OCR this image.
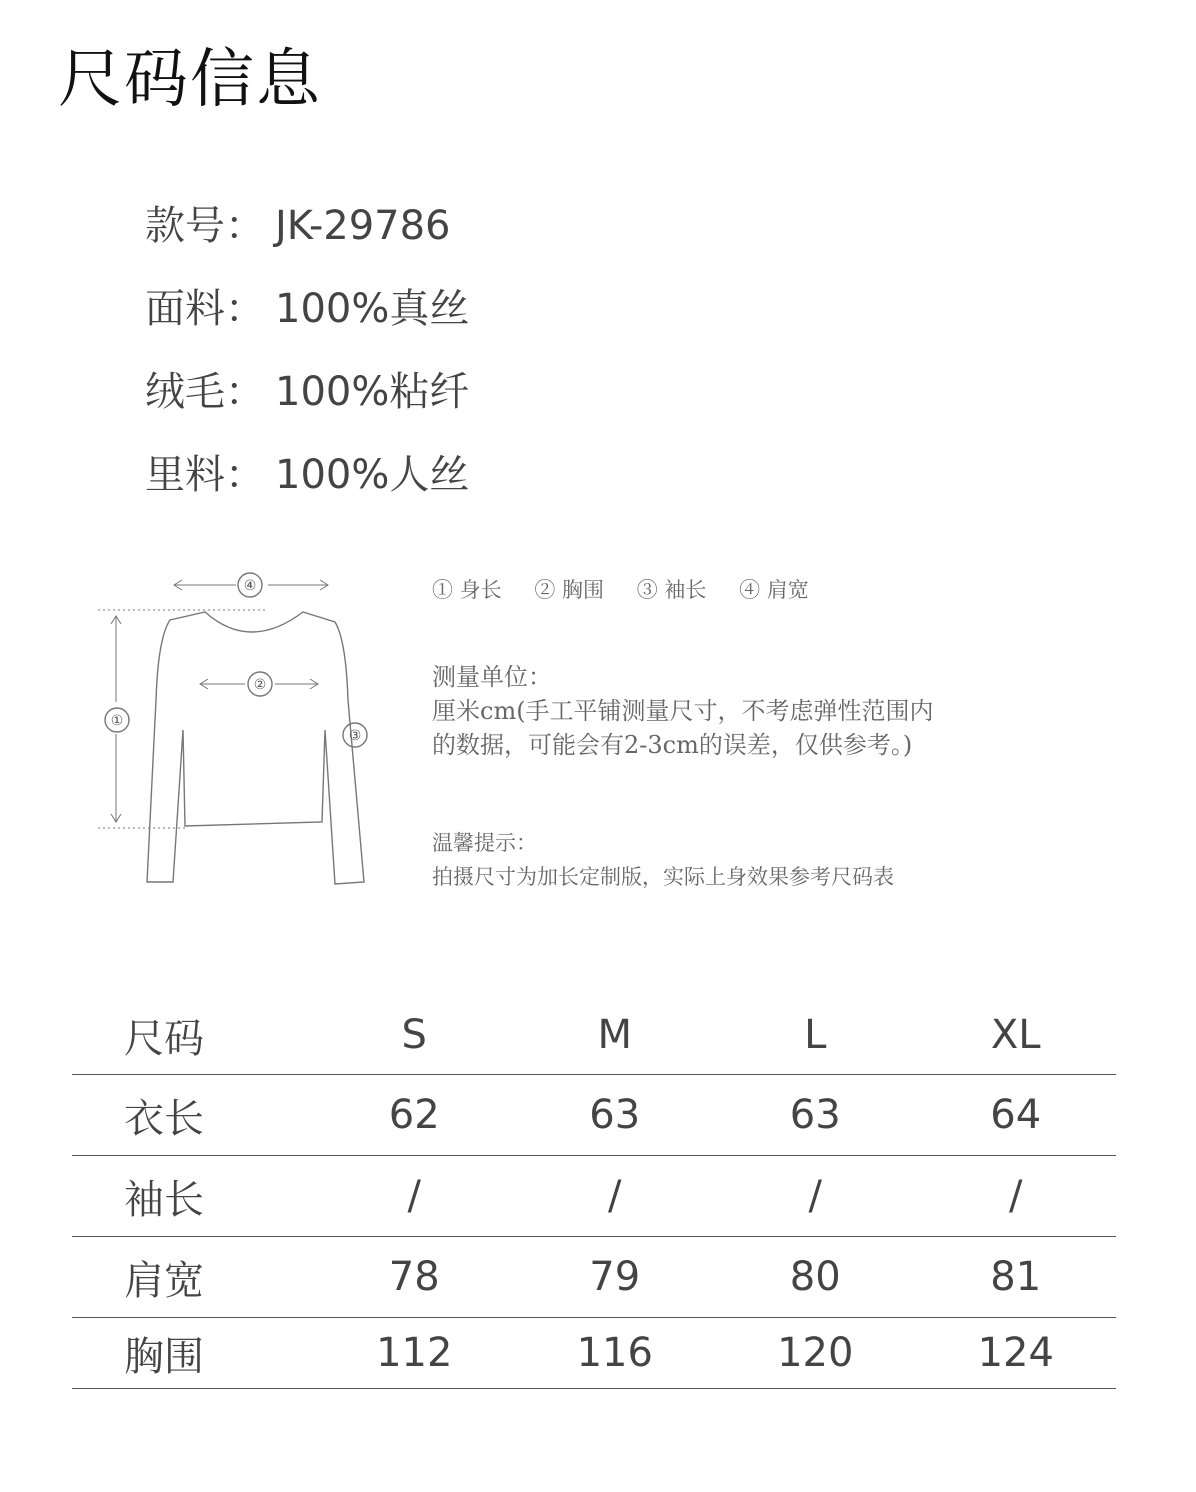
尺码信息
款号： JK-29786
面料： 100%真丝
绒毛： 100%粘纤
里料： 100%人丝
④
②
①
③
① 身长 ② 胸围 ③ 袖长 ④ 肩宽
测量单位：
厘米cm(手工平铺测量尺寸，不考虑弹性范围内
的数据，可能会有2-3cm的误差，仅供参考。)
温馨提示：
拍摄尺寸为加长定制版，实际上身效果参考尺码表
尺码	S	M	L	XL
衣长	62	63	63	64
袖长	/	/	/	/
肩宽	78	79	80	81
胸围	112	116	120	124
